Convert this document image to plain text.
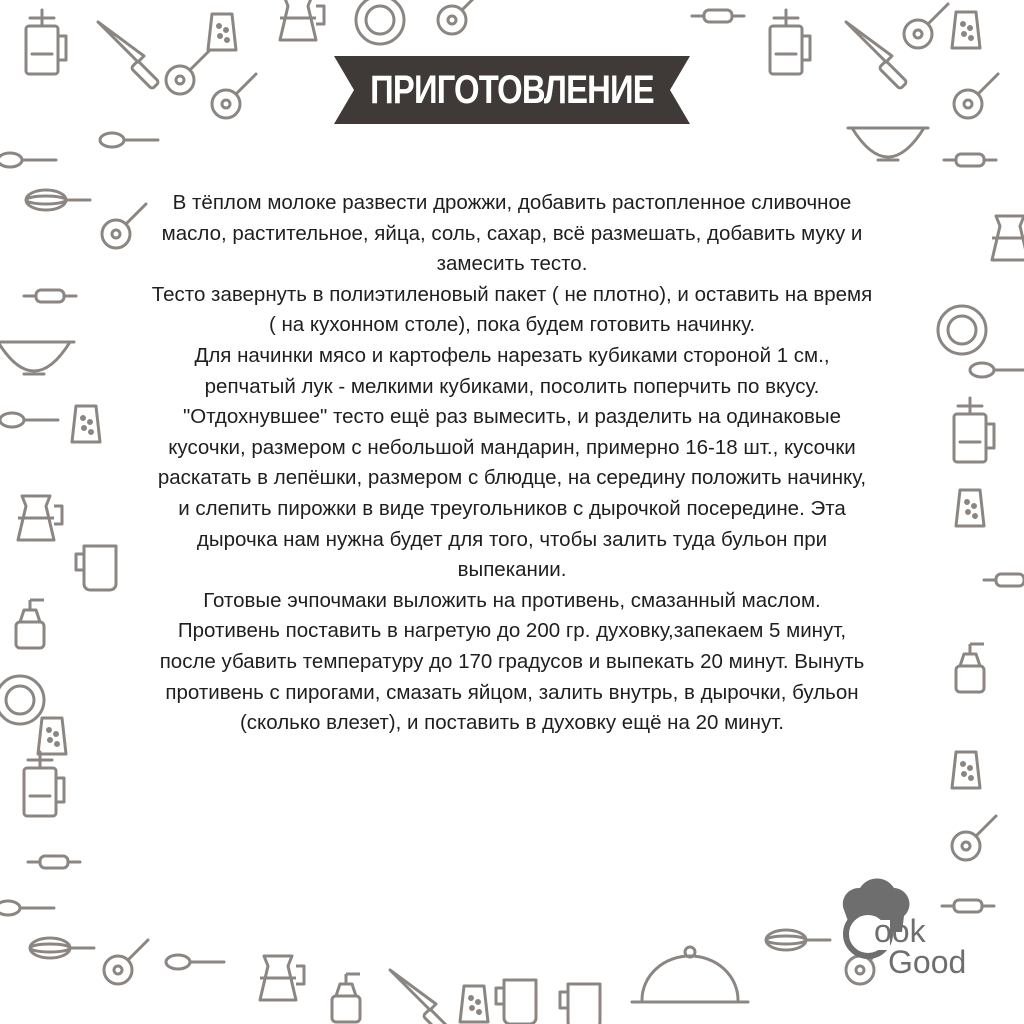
ПРИГОТОВЛЕНИЕ

В тёплом молоке развести дрожжи, добавить растопленное сливочное масло, растительное, яйца, соль, сахар, всё размешать, добавить муку и замесить тесто.

Тесто завернуть в полиэтиленовый пакет ( не плотно), и оставить на время ( на кухонном столе), пока будем готовить начинку.

Для начинки мясо и картофель нарезать кубиками стороной 1 см., репчатый лук - мелкими кубиками, посолить поперчить по вкусу.

"Отдохнувшее" тесто ещё раз вымесить, и разделить на одинаковые кусочки, размером с небольшой мандарин, примерно 16-18 шт., кусочки раскатать в лепёшки, размером с блюдце, на середину положить начинку, и слепить пирожки в виде треугольников с дырочкой посередине. Эта дырочка нам нужна будет для того, чтобы залить туда бульон при выпекании.

Готовые эчпочмаки выложить на противень, смазанный маслом.

Противень поставить в нагретую до 200 гр. духовку,запекаем 5 минут, после убавить температуру до 170 градусов и выпекать 20 минут. Вынуть противень с пирогами, смазать яйцом, залить внутрь, в дырочки, бульон (сколько влезет), и поставить в духовку ещё на 20 минут.

ook
Good
